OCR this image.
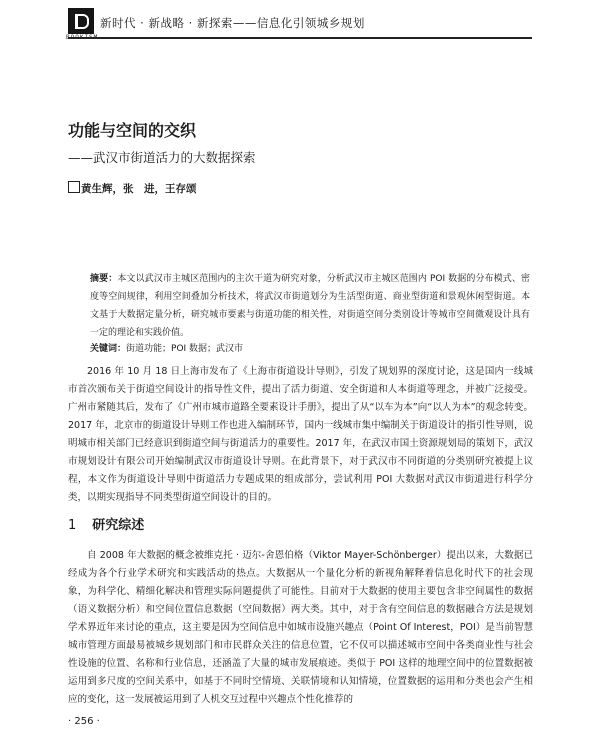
BOOKISM
新时代 · 新战略 · 新探索——信息化引领城乡规划
功能与空间的交织
——武汉市街道活力的大数据探索
黄生辉，张　进，王存颂
摘要：本文以武汉市主城区范围内的主次干道为研究对象，分析武汉市主城区范围内 POI 数据的分布模式、密度等空间规律，利用空间叠加分析技术，将武汉市街道划分为生活型街道、商业型街道和景观休闲型街道。本文基于大数据定量分析，研究城市要素与街道功能的相关性，对街道空间分类别设计等城市空间微观设计具有一定的理论和实践价值。
关键词：街道功能；POI 数据；武汉市
2016 年 10 月 18 日上海市发布了《上海市街道设计导则》，引发了规划界的深度讨论，这是国内一线城市首次颁布关于街道空间设计的指导性文件，提出了活力街道、安全街道和人本街道等理念，并被广泛接受。广州市紧随其后，发布了《广州市城市道路全要素设计手册》，提出了从“以车为本”向“以人为本”的观念转变。2017 年，北京市的街道设计导则工作也进入编制环节，国内一线城市集中编制关于街道设计的指引性导则，说明城市相关部门已经意识到街道空间与街道活力的重要性。2017 年，在武汉市国土资源规划局的策划下，武汉市规划设计有限公司开始编制武汉市街道设计导则。在此背景下，对于武汉市不同街道的分类别研究被提上议程，本文作为街道设计导则中街道活力专题成果的组成部分，尝试利用 POI 大数据对武汉市街道进行科学分类，以期实现指导不同类型街道空间设计的目的。
1 研究综述
自 2008 年大数据的概念被维克托 · 迈尔-舍恩伯格（Viktor Mayer-Schönberger）提出以来，大数据已经成为各个行业学术研究和实践活动的热点。大数据从一个量化分析的新视角解释着信息化时代下的社会现象，为科学化、精细化解决和管理实际问题提供了可能性。目前对于大数据的使用主要包含非空间属性的数据（语义数据分析）和空间位置信息数据（空间数据）两大类。其中，对于含有空间信息的数据融合方法是规划学术界近年来讨论的重点，这主要是因为空间信息中如城市设施兴趣点（Point Of Interest，POI）是当前智慧城市管理方面最易被城乡规划部门和市民群众关注的信息位置，它不仅可以描述城市空间中各类商业性与社会性设施的位置、名称和行业信息，还涵盖了大量的城市发展痕迹。类似于 POI 这样的地理空间中的位置数据被运用到多尺度的空间关系中，如基于不同时空情境、关联情境和认知情境，位置数据的运用和分类也会产生相应的变化，这一发展被运用到了人机交互过程中兴趣点个性化推荐的
· 256 ·
